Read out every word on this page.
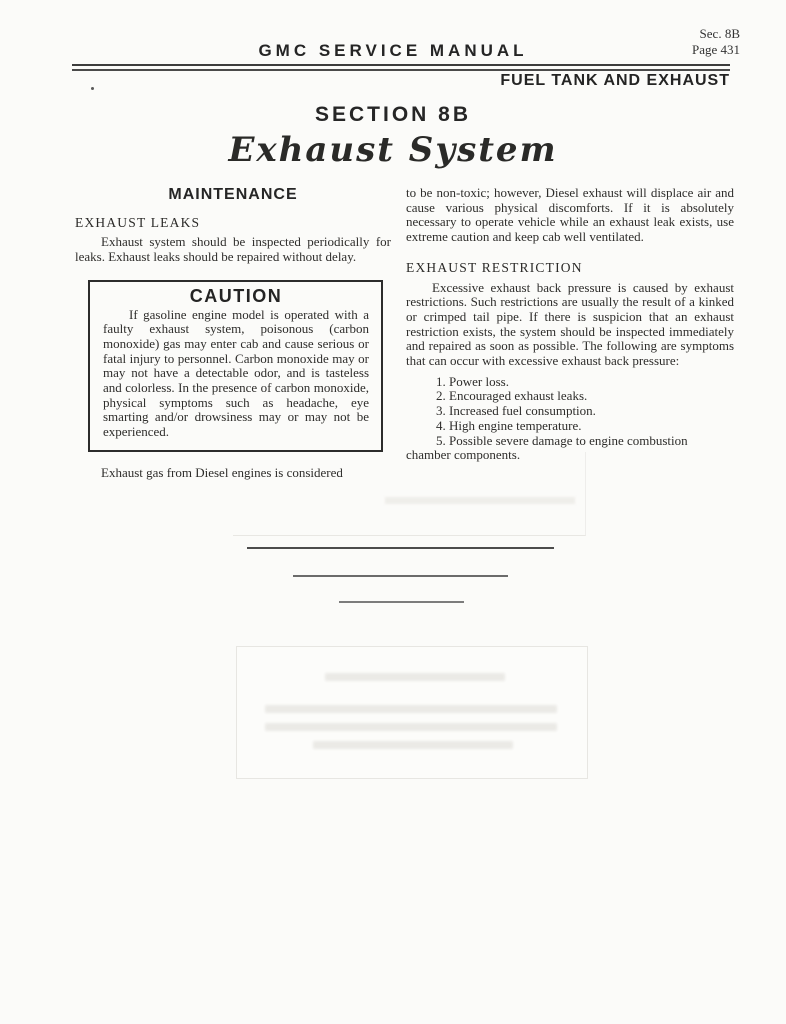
Sec. 8B
Page 431
GMC SERVICE MANUAL
FUEL TANK AND EXHAUST
SECTION 8B
Exhaust System
MAINTENANCE
EXHAUST LEAKS
Exhaust system should be inspected periodically for leaks. Exhaust leaks should be repaired without delay.
CAUTION
If gasoline engine model is operated with a faulty exhaust system, poisonous (carbon monoxide) gas may enter cab and cause serious or fatal injury to personnel. Carbon monoxide may or may not have a detectable odor, and is tasteless and colorless. In the presence of carbon monoxide, physical symptoms such as headache, eye smarting and/or drowsiness may or may not be experienced.
Exhaust gas from Diesel engines is considered
to be non-toxic; however, Diesel exhaust will displace air and cause various physical discomforts. If it is absolutely necessary to operate vehicle while an exhaust leak exists, use extreme caution and keep cab well ventilated.
EXHAUST RESTRICTION
Excessive exhaust back pressure is caused by exhaust restrictions. Such restrictions are usually the result of a kinked or crimped tail pipe. If there is suspicion that an exhaust restriction exists, the system should be inspected immediately and repaired as soon as possible. The following are symptoms that can occur with excessive exhaust back pressure:
1. Power loss.
2. Encouraged exhaust leaks.
3. Increased fuel consumption.
4. High engine temperature.
5. Possible severe damage to engine combustion chamber components.
